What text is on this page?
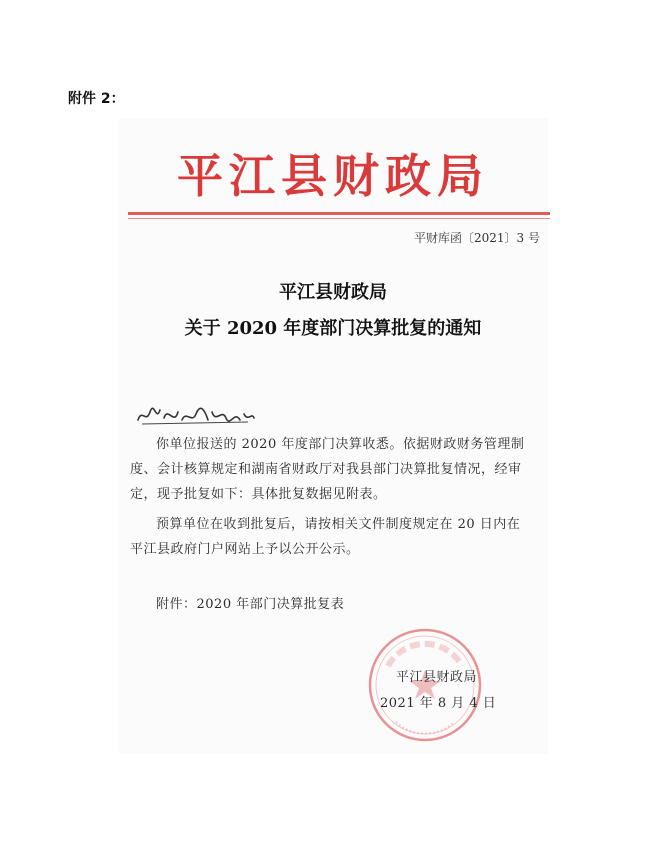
附件 2：
平江县财政局
平财库函〔2021〕3 号
平江县财政局
关于 2020 年度部门决算批复的通知
你单位报送的 2020 年度部门决算收悉。依据财政财务管理制度、会计核算规定和湖南省财政厅对我县部门决算批复情况，经审定，现予批复如下：具体批复数据见附表。
预算单位在收到批复后，请按相关文件制度规定在 20 日内在平江县政府门户网站上予以公开公示。
附件：2020 年部门决算批复表
平江县财政局
2021 年 8 月 4 日
